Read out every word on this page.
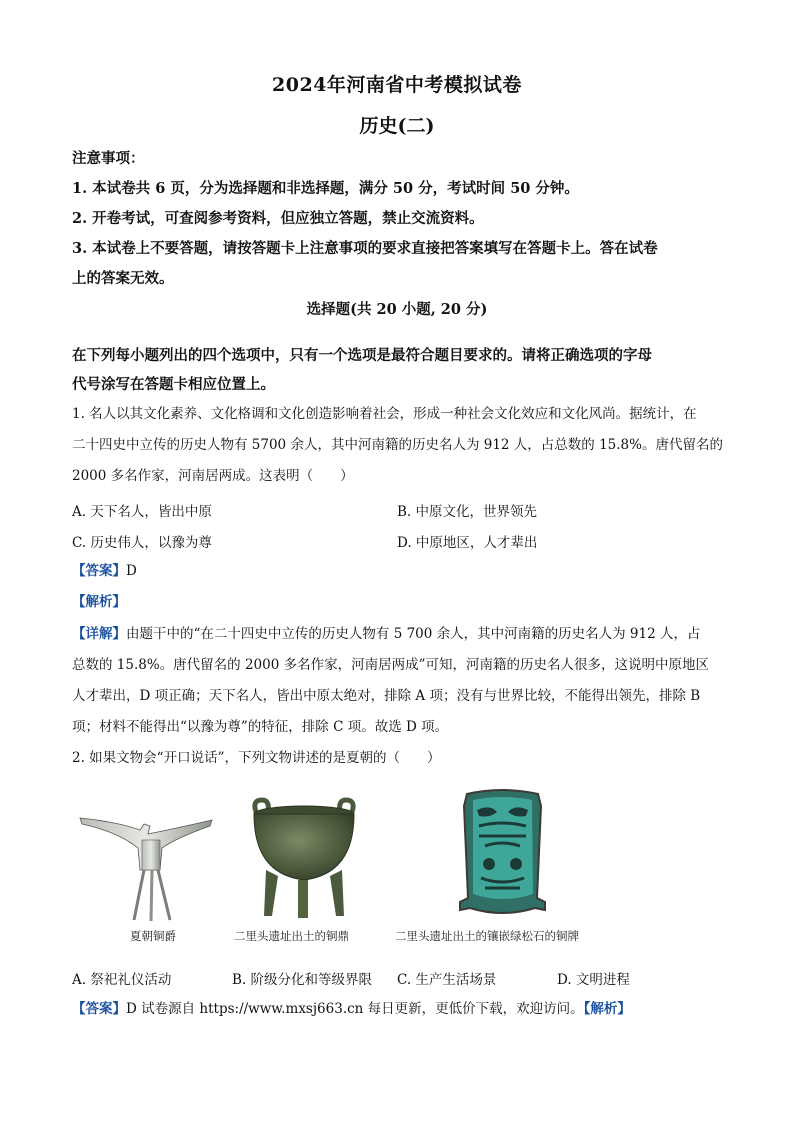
2024年河南省中考模拟试卷
历史(二)
注意事项：
1. 本试卷共 6 页，分为选择题和非选择题，满分 50 分，考试时间 50 分钟。
2. 开卷考试，可查阅参考资料，但应独立答题，禁止交流资料。
3. 本试卷上不要答题，请按答题卡上注意事项的要求直接把答案填写在答题卡上。答在试卷
上的答案无效。
选择题(共 20 小题, 20 分)
在下列每小题列出的四个选项中，只有一个选项是最符合题目要求的。请将正确选项的字母
代号涂写在答题卡相应位置上。
1. 名人以其文化素养、文化格调和文化创造影响着社会，形成一种社会文化效应和文化风尚。据统计，在
二十四史中立传的历史人物有 5700 余人，其中河南籍的历史名人为 912 人，占总数的 15.8%。唐代留名的
2000 多名作家，河南居两成。这表明（　　）
A. 天下名人，皆出中原	B. 中原文化，世界领先
C. 历史伟人，以豫为尊	D. 中原地区，人才辈出
【答案】D
【解析】
【详解】由题干中的“在二十四史中立传的历史人物有 5 700 余人，其中河南籍的历史名人为 912 人，占
总数的 15.8%。唐代留名的 2000 多名作家，河南居两成”可知，河南籍的历史名人很多，这说明中原地区
人才辈出，D 项正确；天下名人，皆出中原太绝对，排除 A 项；没有与世界比较，不能得出领先，排除 B
项；材料不能得出“以豫为尊”的特征，排除 C 项。故选 D 项。
2. 如果文物会“开口说话”，下列文物讲述的是夏朝的（　　）
夏朝铜爵	二里头遗址出土的铜鼎	二里头遗址出土的镶嵌绿松石的铜牌
A. 祭祀礼仪活动	B. 阶级分化和等级界限 C. 生产生活场景	D. 文明进程
【答案】D 试卷源自 https://www.mxsj663.cn 每日更新，更低价下载，欢迎访问。【解析】
